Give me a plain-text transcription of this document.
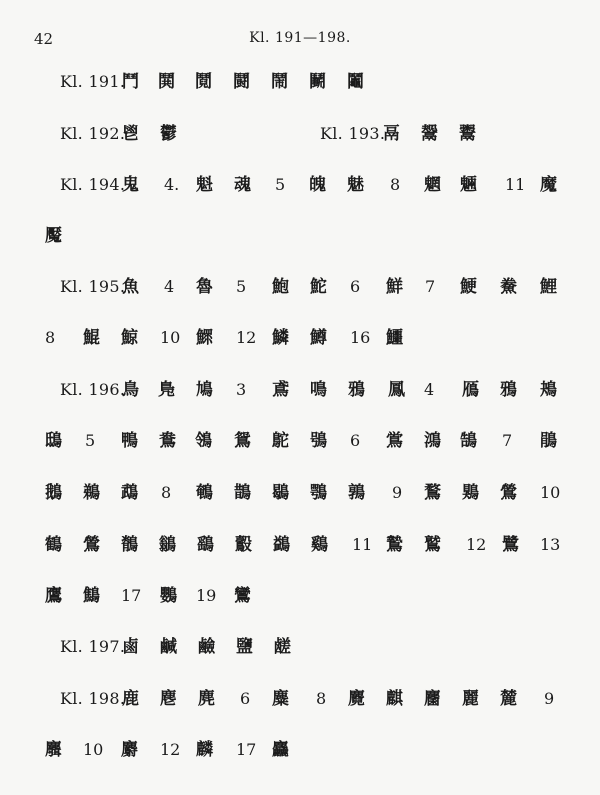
42	Kl. 191—198.
Kl. 191.
鬥 鬨 鬩 鬪 鬧 鬭 鬮
Kl. 192.
鬯 鬱	Kl. 193.
鬲 鬶 鬻
Kl. 194.
鬼 4. 魁 魂 5 魄 魅 8 魍 魎 11 魔
魘
Kl. 195.
魚 4 魯 5 鮑 鮀 6 鮮 7 鯁 鮝 鯉
8 鯤 鯨 10 鰥 12 鱗 鱒 16 鱷
Kl. 196.
鳥 鳬 鳩 3 鳶 鳴 鴉 鳳 4 鴈 鴉 鴂
鴟 5 鴨 鴦 鴒 鴛 鴕 鴞 6 鴬 鴻 鵠 7 鵑
鵝 鵜 鵡 8 鵪 鵲 鶡 鶚 鶉 9 鶩 鶪 鶯 10
鶴 鶯 鶺 鶲 鷂 鷇 鷁 鷄 11 鷙 鷲 12 鷺 13
鷹 鷦 17 鸚 19 鸞
Kl. 197.
鹵 鹹 鹼 鹽 鹾
Kl. 198.
鹿 麀 麂 6 麋 8 麑 麒 麕 麗 麓 9
麛 10 麝 12 麟 17 麤
